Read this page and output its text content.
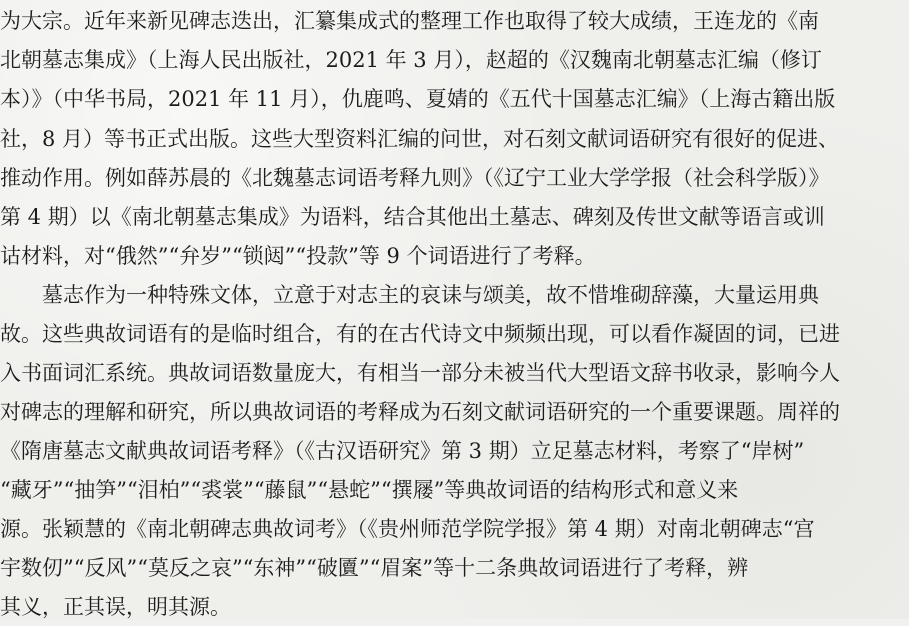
为大宗。近年来新见碑志迭出，汇纂集成式的整理工作也取得了较大成绩，王连龙的《南
北朝墓志集成》（上海人民出版社，2021 年 3 月），赵超的《汉魏南北朝墓志汇编（修订
本）》（中华书局，2021 年 11 月），仇鹿鸣、夏婧的《五代十国墓志汇编》（上海古籍出版
社，8 月）等书正式出版。这些大型资料汇编的问世，对石刻文献词语研究有很好的促进、
推动作用。例如薛苏晨的《北魏墓志词语考释九则》（《辽宁工业大学学报（社会科学版）》
第 4 期）以《南北朝墓志集成》为语料，结合其他出土墓志、碑刻及传世文献等语言或训
诂材料，对“俄然”“弁岁”“锁闼”“投款”等 9 个词语进行了考释。
墓志作为一种特殊文体，立意于对志主的哀诔与颂美，故不惜堆砌辞藻，大量运用典
故。这些典故词语有的是临时组合，有的在古代诗文中频频出现，可以看作凝固的词，已进
入书面词汇系统。典故词语数量庞大，有相当一部分未被当代大型语文辞书收录，影响今人
对碑志的理解和研究，所以典故词语的考释成为石刻文献词语研究的一个重要课题。周祥的
《隋唐墓志文献典故词语考释》（《古汉语研究》第 3 期）立足墓志材料，考察了“岸树”
“藏牙”“抽笋”“泪柏”“裘裳”“藤鼠”“悬蛇”“撰屦”等典故词语的结构形式和意义来
源。张颖慧的《南北朝碑志典故词考》（《贵州师范学院学报》第 4 期）对南北朝碑志“宫
宇数仞”“反风”“莫反之哀”“东神”“破匵”“眉案”等十二条典故词语进行了考释，辨
其义，正其误，明其源。
